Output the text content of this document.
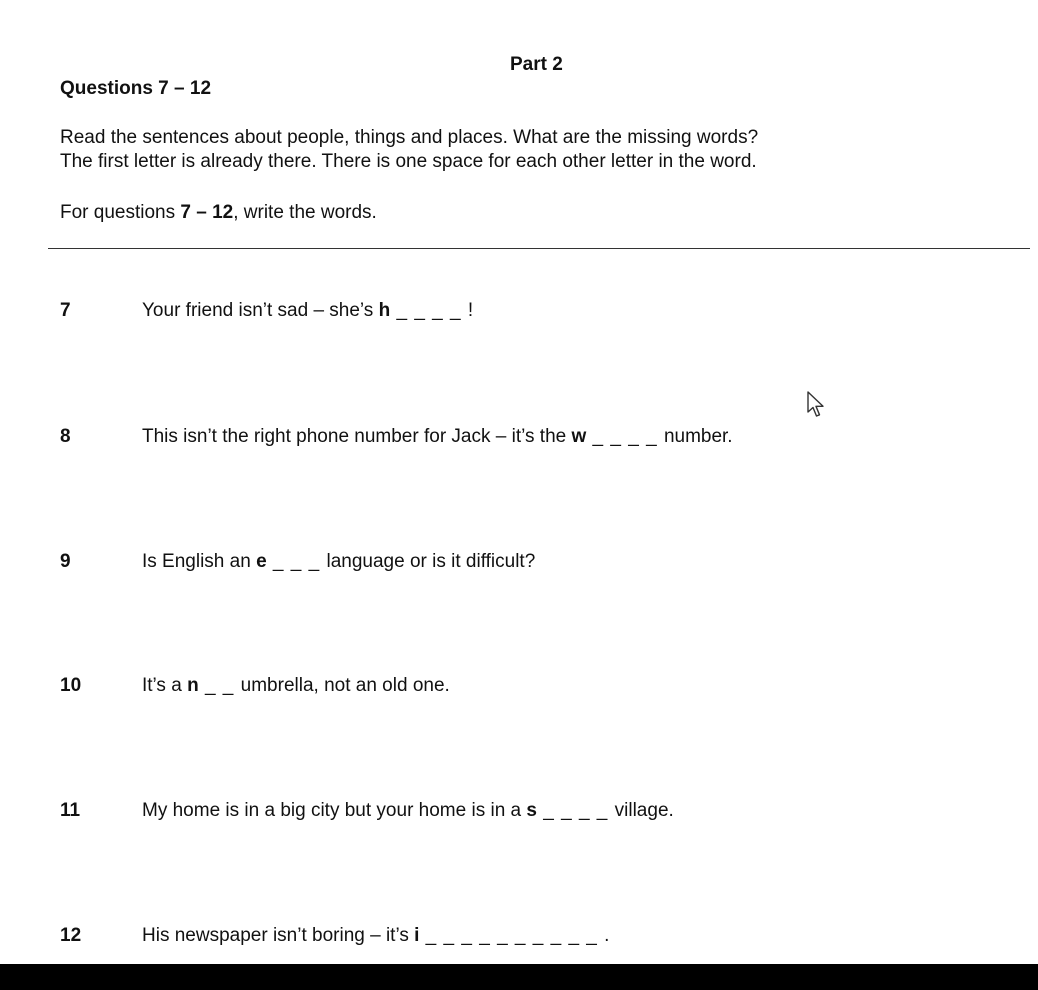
Part 2
Questions 7 – 12
Read the sentences about people, things and places. What are the missing words?
The first letter is already there. There is one space for each other letter in the word.
For questions 7 – 12, write the words.
7	Your friend isn’t sad – she’s h _ _ _ _ !
8	This isn’t the right phone number for Jack – it’s the w _ _ _ _ number.
9	Is English an e _ _ _ language or is it difficult?
10	It’s a n _ _ umbrella, not an old one.
11	My home is in a big city but your home is in a s _ _ _ _ village.
12	His newspaper isn’t boring – it’s i _ _ _ _ _ _ _ _ _ _ .
